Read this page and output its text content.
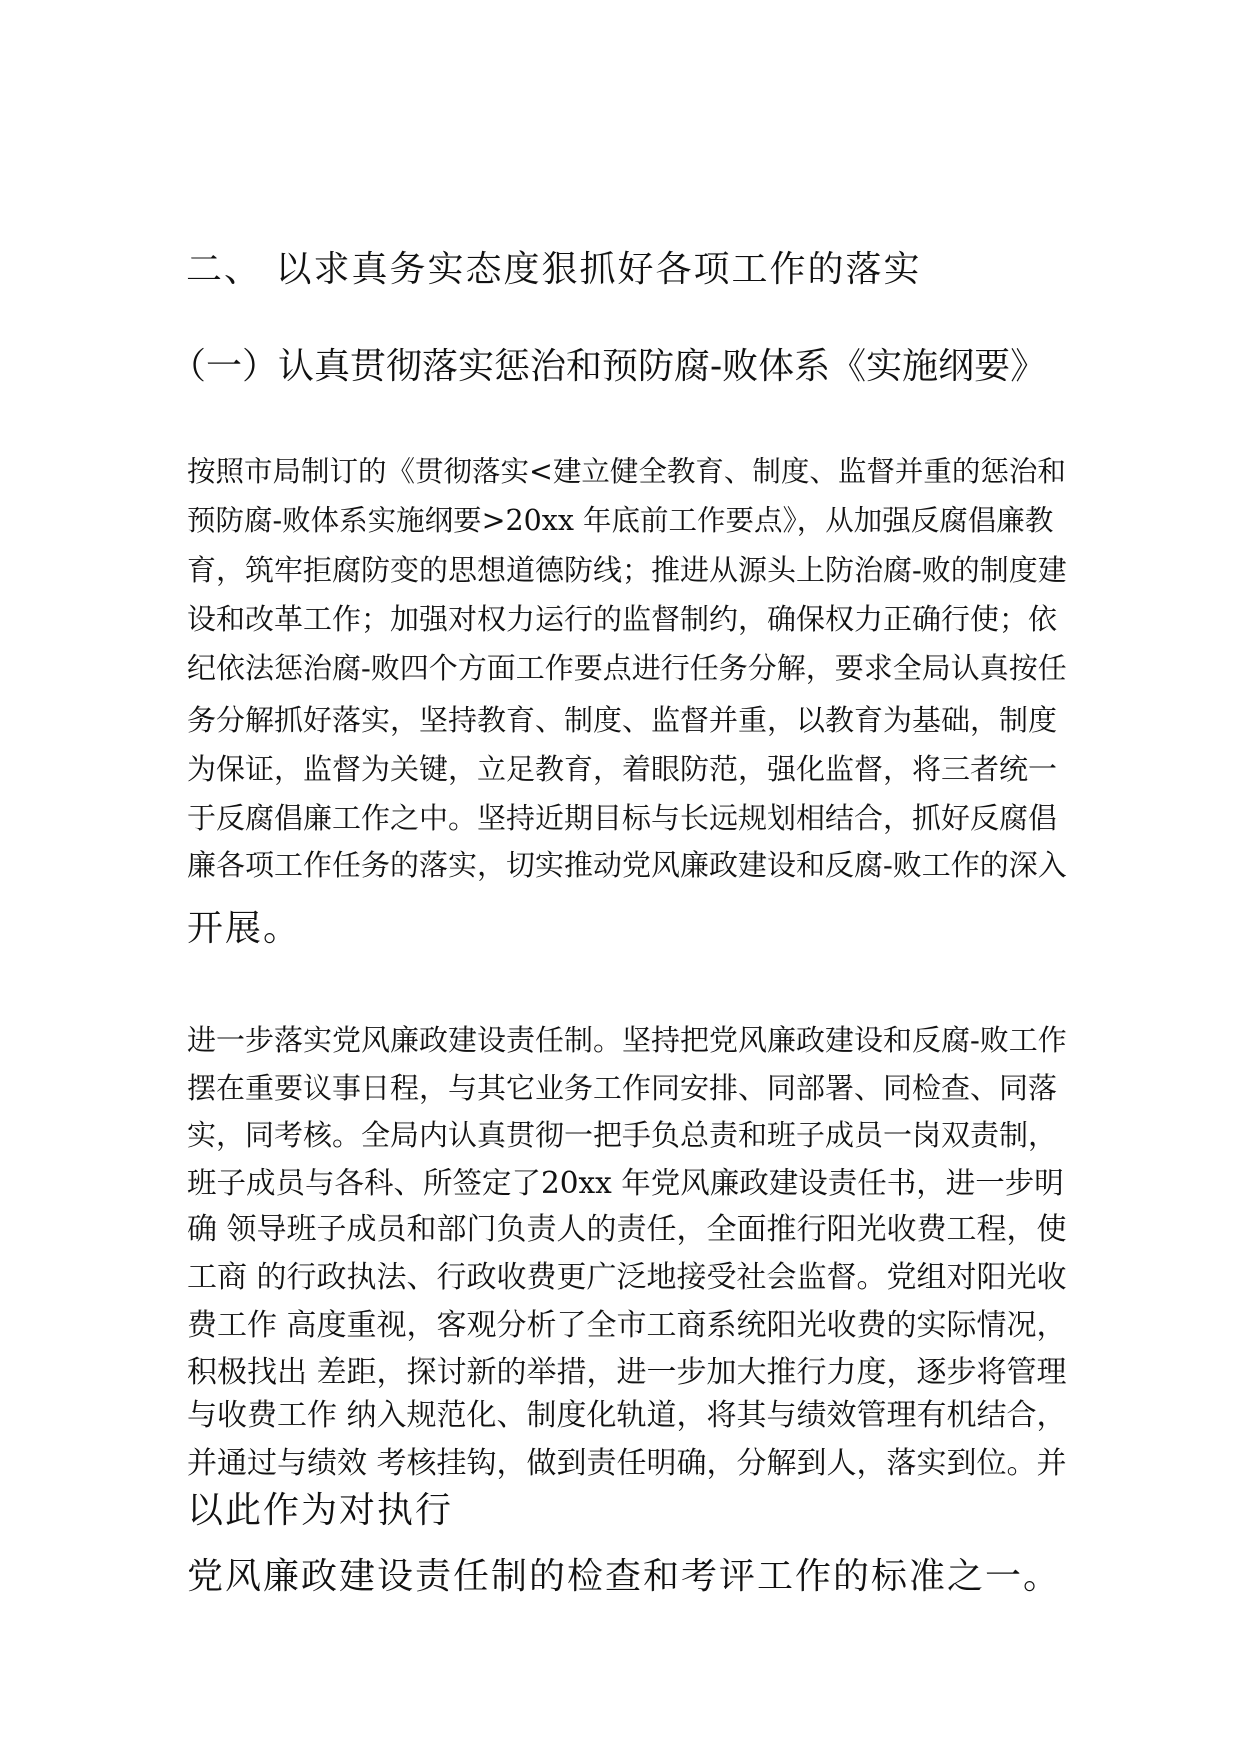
二、 以求真务实态度狠抓好各项工作的落实
（一）认真贯彻落实惩治和预防腐-败体系《实施纲要》
按照市局制订的《贯彻落实<建立健全教育、制度、监督并重的惩治和
预防腐-败体系实施纲要>20xx 年底前工作要点》，从加强反腐倡廉教
育，筑牢拒腐防变的思想道德防线；推进从源头上防治腐-败的制度建
设和改革工作；加强对权力运行的监督制约，确保权力正确行使；依
纪依法惩治腐-败四个方面工作要点进行任务分解，要求全局认真按任
务分解抓好落实，坚持教育、制度、监督并重，以教育为基础，制度
为保证，监督为关键，立足教育，着眼防范，强化监督，将三者统一
于反腐倡廉工作之中。坚持近期目标与长远规划相结合，抓好反腐倡
廉各项工作任务的落实，切实推动党风廉政建设和反腐-败工作的深入
开展。
进一步落实党风廉政建设责任制。坚持把党风廉政建设和反腐-败工作
摆在重要议事日程，与其它业务工作同安排、同部署、同检查、同落
实，同考核。全局内认真贯彻一把手负总责和班子成员一岗双责制，
班子成员与各科、所签定了20xx 年党风廉政建设责任书，进一步明
确 领导班子成员和部门负责人的责任，全面推行阳光收费工程，使
工商 的行政执法、行政收费更广泛地接受社会监督。党组对阳光收
费工作 高度重视，客观分析了全市工商系统阳光收费的实际情况，
积极找出 差距，探讨新的举措，进一步加大推行力度，逐步将管理
与收费工作 纳入规范化、制度化轨道，将其与绩效管理有机结合，
并通过与绩效 考核挂钩，做到责任明确，分解到人，落实到位。并
以此作为对执行
党风廉政建设责任制的检查和考评工作的标准之一。
